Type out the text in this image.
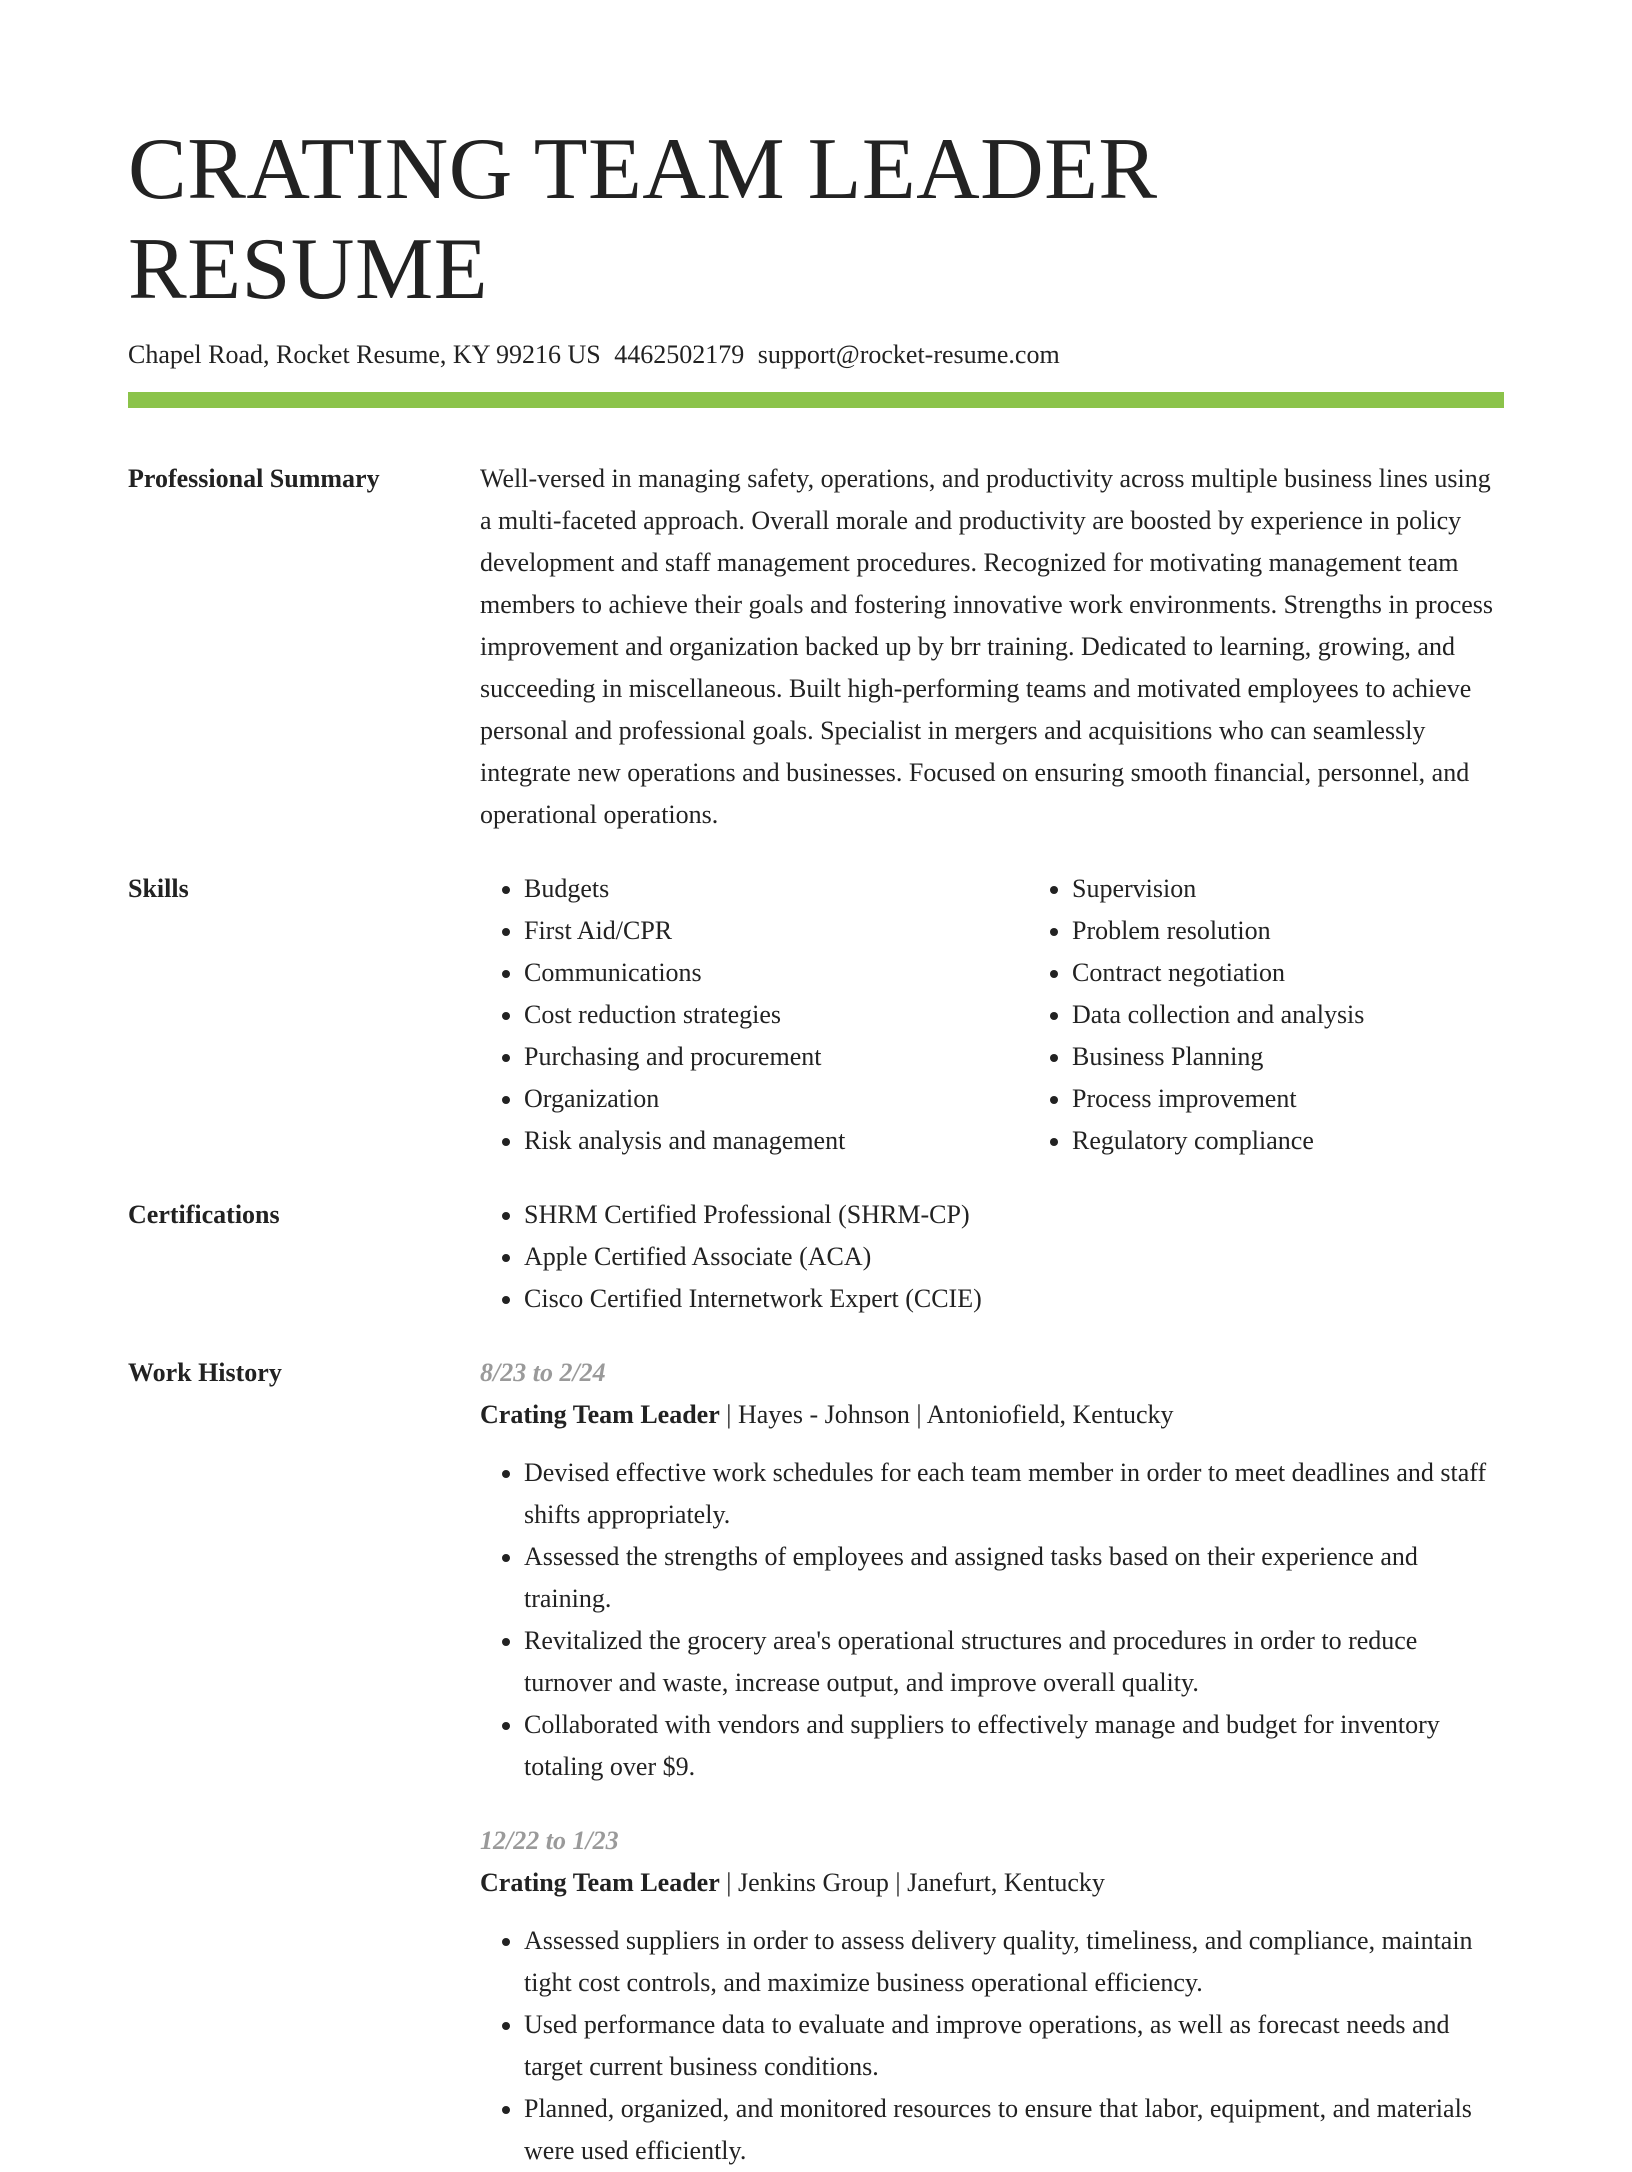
CRATING TEAM LEADER RESUME
Chapel Road, Rocket Resume, KY 99216 US 4462502179 support@rocket-resume.com
Professional Summary	Well-versed in managing safety, operations, and productivity across multiple business lines using a multi-faceted approach. Overall morale and productivity are boosted by experience in policy development and staff management procedures. Recognized for motivating management team members to achieve their goals and fostering innovative work environments. Strengths in process improvement and organization backed up by brr training. Dedicated to learning, growing, and succeeding in miscellaneous. Built high-performing teams and motivated employees to achieve personal and professional goals. Specialist in mergers and acquisitions who can seamlessly integrate new operations and businesses. Focused on ensuring smooth financial, personnel, and operational operations.

Skills	• Budgets
• First Aid/CPR
• Communications
• Cost reduction strategies
• Purchasing and procurement
• Organization
• Risk analysis and management
• Supervision
• Problem resolution
• Contract negotiation
• Data collection and analysis
• Business Planning
• Process improvement
• Regulatory compliance
Certifications	• SHRM Certified Professional (SHRM-CP)
• Apple Certified Associate (ACA)
• Cisco Certified Internetwork Expert (CCIE)
Work History	8/23 to 2/24
Crating Team Leader | Hayes - Johnson | Antoniofield, Kentucky
• Devised effective work schedules for each team member in order to meet deadlines and staff shifts appropriately.
• Assessed the strengths of employees and assigned tasks based on their experience and training.
• Revitalized the grocery area's operational structures and procedures in order to reduce turnover and waste, increase output, and improve overall quality.
• Collaborated with vendors and suppliers to effectively manage and budget for inventory totaling over $9.
12/22 to 1/23
Crating Team Leader | Jenkins Group | Janefurt, Kentucky
• Assessed suppliers in order to assess delivery quality, timeliness, and compliance, maintain tight cost controls, and maximize business operational efficiency.
• Used performance data to evaluate and improve operations, as well as forecast needs and target current business conditions.
• Planned, organized, and monitored resources to ensure that labor, equipment, and materials were used efficiently.
